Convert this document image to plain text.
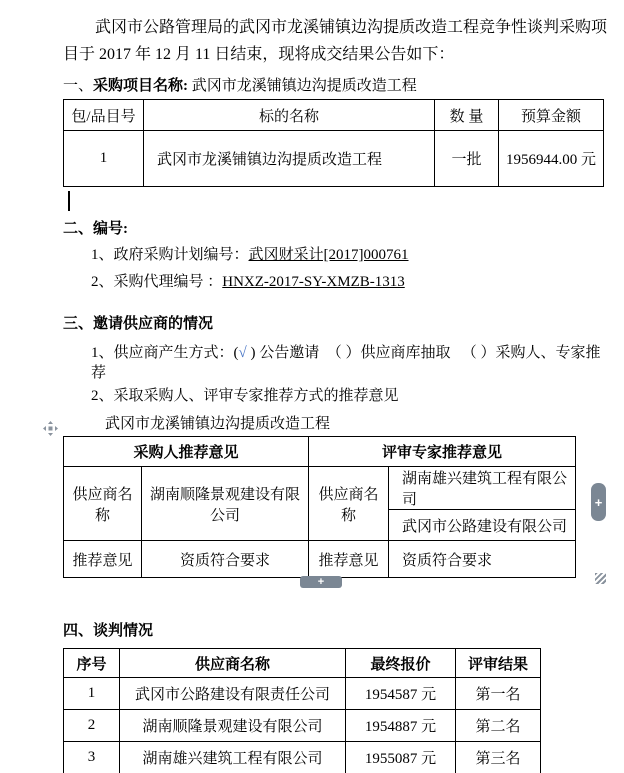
武冈市公路管理局的武冈市龙溪铺镇边沟提质改造工程竞争性谈判采购项
目于 2017 年 12 月 11 日结束，现将成交结果公告如下：

一、采购项目名称: 武冈市龙溪铺镇边沟提质改造工程

包/品目号	标的名称	数 量	预算金额
1	武冈市龙溪铺镇边沟提质改造工程	一批	1956944.00 元

二、编号:

1、政府采购计划编号：武冈财采计[2017]000761

2、采购代理编号 ：HNXZ-2017-SY-XMZB-1313

三、邀请供应商的情况

1、供应商产生方式：(√ ) 公告邀请　（ ）供应商库抽取 　（ ）采购人、专家推荐

2、采取采购人、评审专家推荐方式的推荐意见

武冈市龙溪铺镇边沟提质改造工程

+
+
采购人推荐意见		评审专家推荐意见	
供应商名称	湖南顺隆景观建设有限公司	供应商名称	湖南雄兴建筑工程有限公司
			武冈市公路建设有限公司
推荐意见	资质符合要求	推荐意见	资质符合要求

四、谈判情况

序号	供应商名称	最终报价	评审结果
1	武冈市公路建设有限责任公司	1954587 元	第一名
2	湖南顺隆景观建设有限公司	1954887 元	第二名
3	湖南雄兴建筑工程有限公司	1955087 元	第三名
